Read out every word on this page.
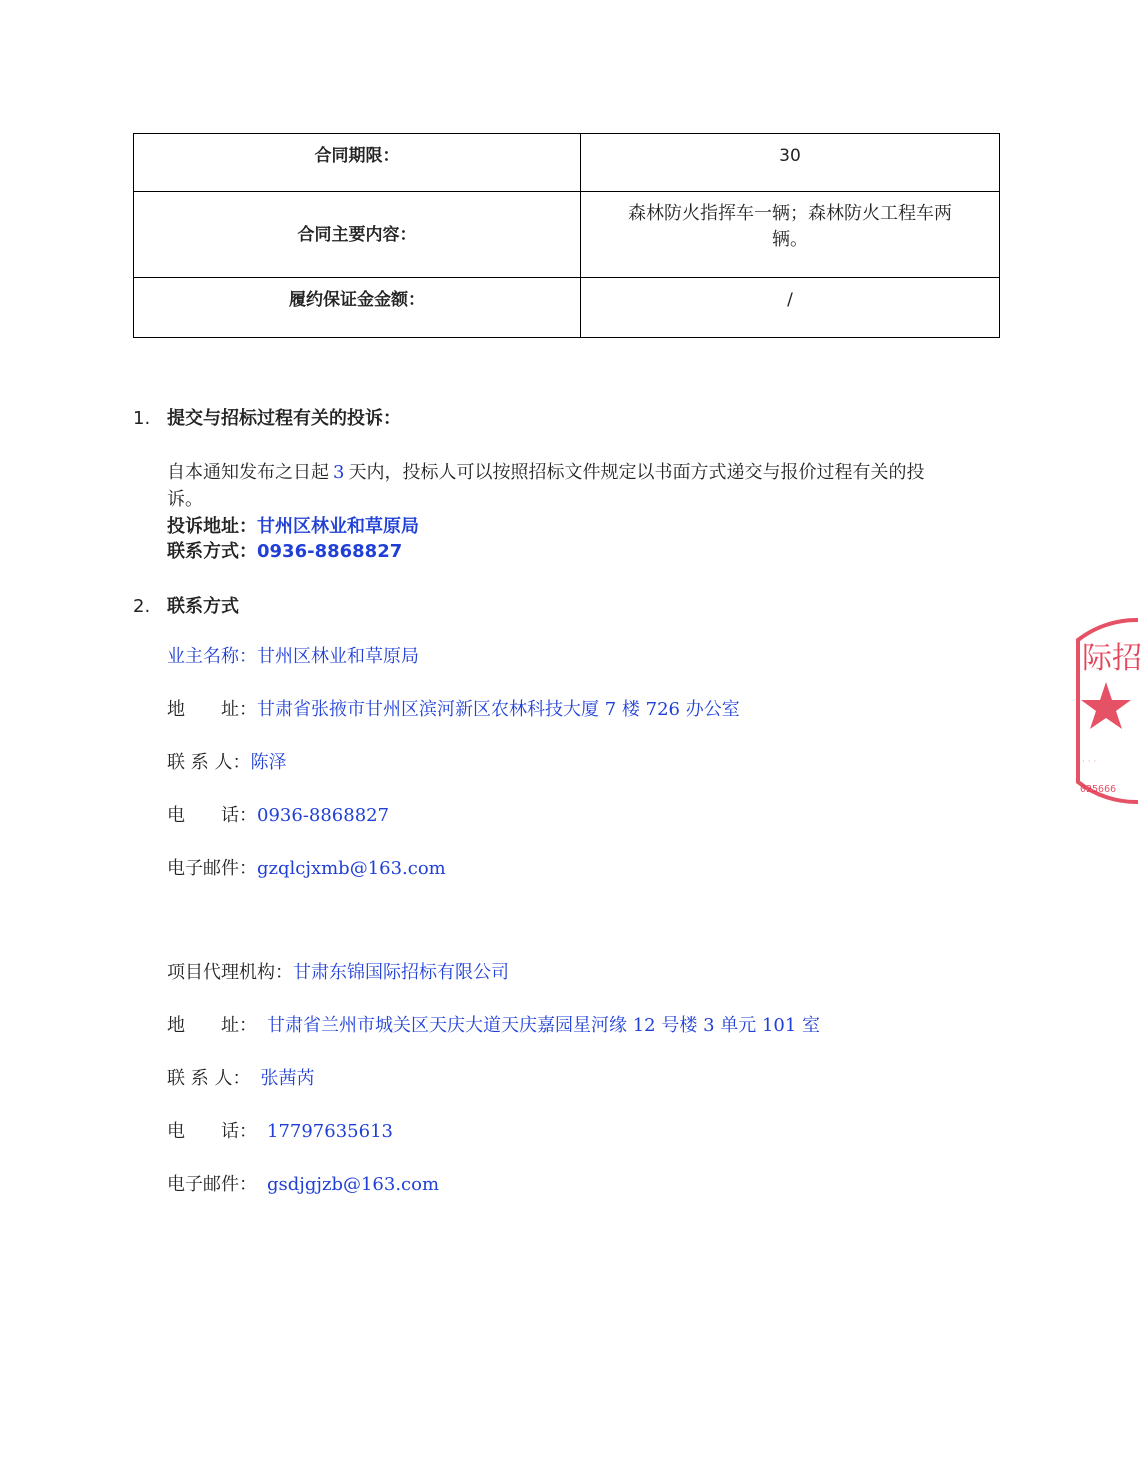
合同期限：	30
合同主要内容：	森林防火指挥车一辆；森林防火工程车两
辆。
履约保证金金额：	/
1. 提交与招标过程有关的投诉：
自本通知发布之日起 3 天内，投标人可以按照招标文件规定以书面方式递交与报价过程有关的投
诉。
投诉地址：甘州区林业和草原局
联系方式：0936-8868827
2. 联系方式
业主名称：甘州区林业和草原局
地　　址：甘肃省张掖市甘州区滨河新区农林科技大厦 7 楼 726 办公室
联 系 人：陈泽
电　　话：0936-8868827
电子邮件：gzqlcjxmb@163.com
项目代理机构：甘肃东锦国际招标有限公司
地　　址： 甘肃省兰州市城关区天庆大道天庆嘉园星河缘 12 号楼 3 单元 101 室
联 系 人： 张茜芮
电　　话： 17797635613
电子邮件： gsdjgjzb@163.com
际招
· · ·
025666
